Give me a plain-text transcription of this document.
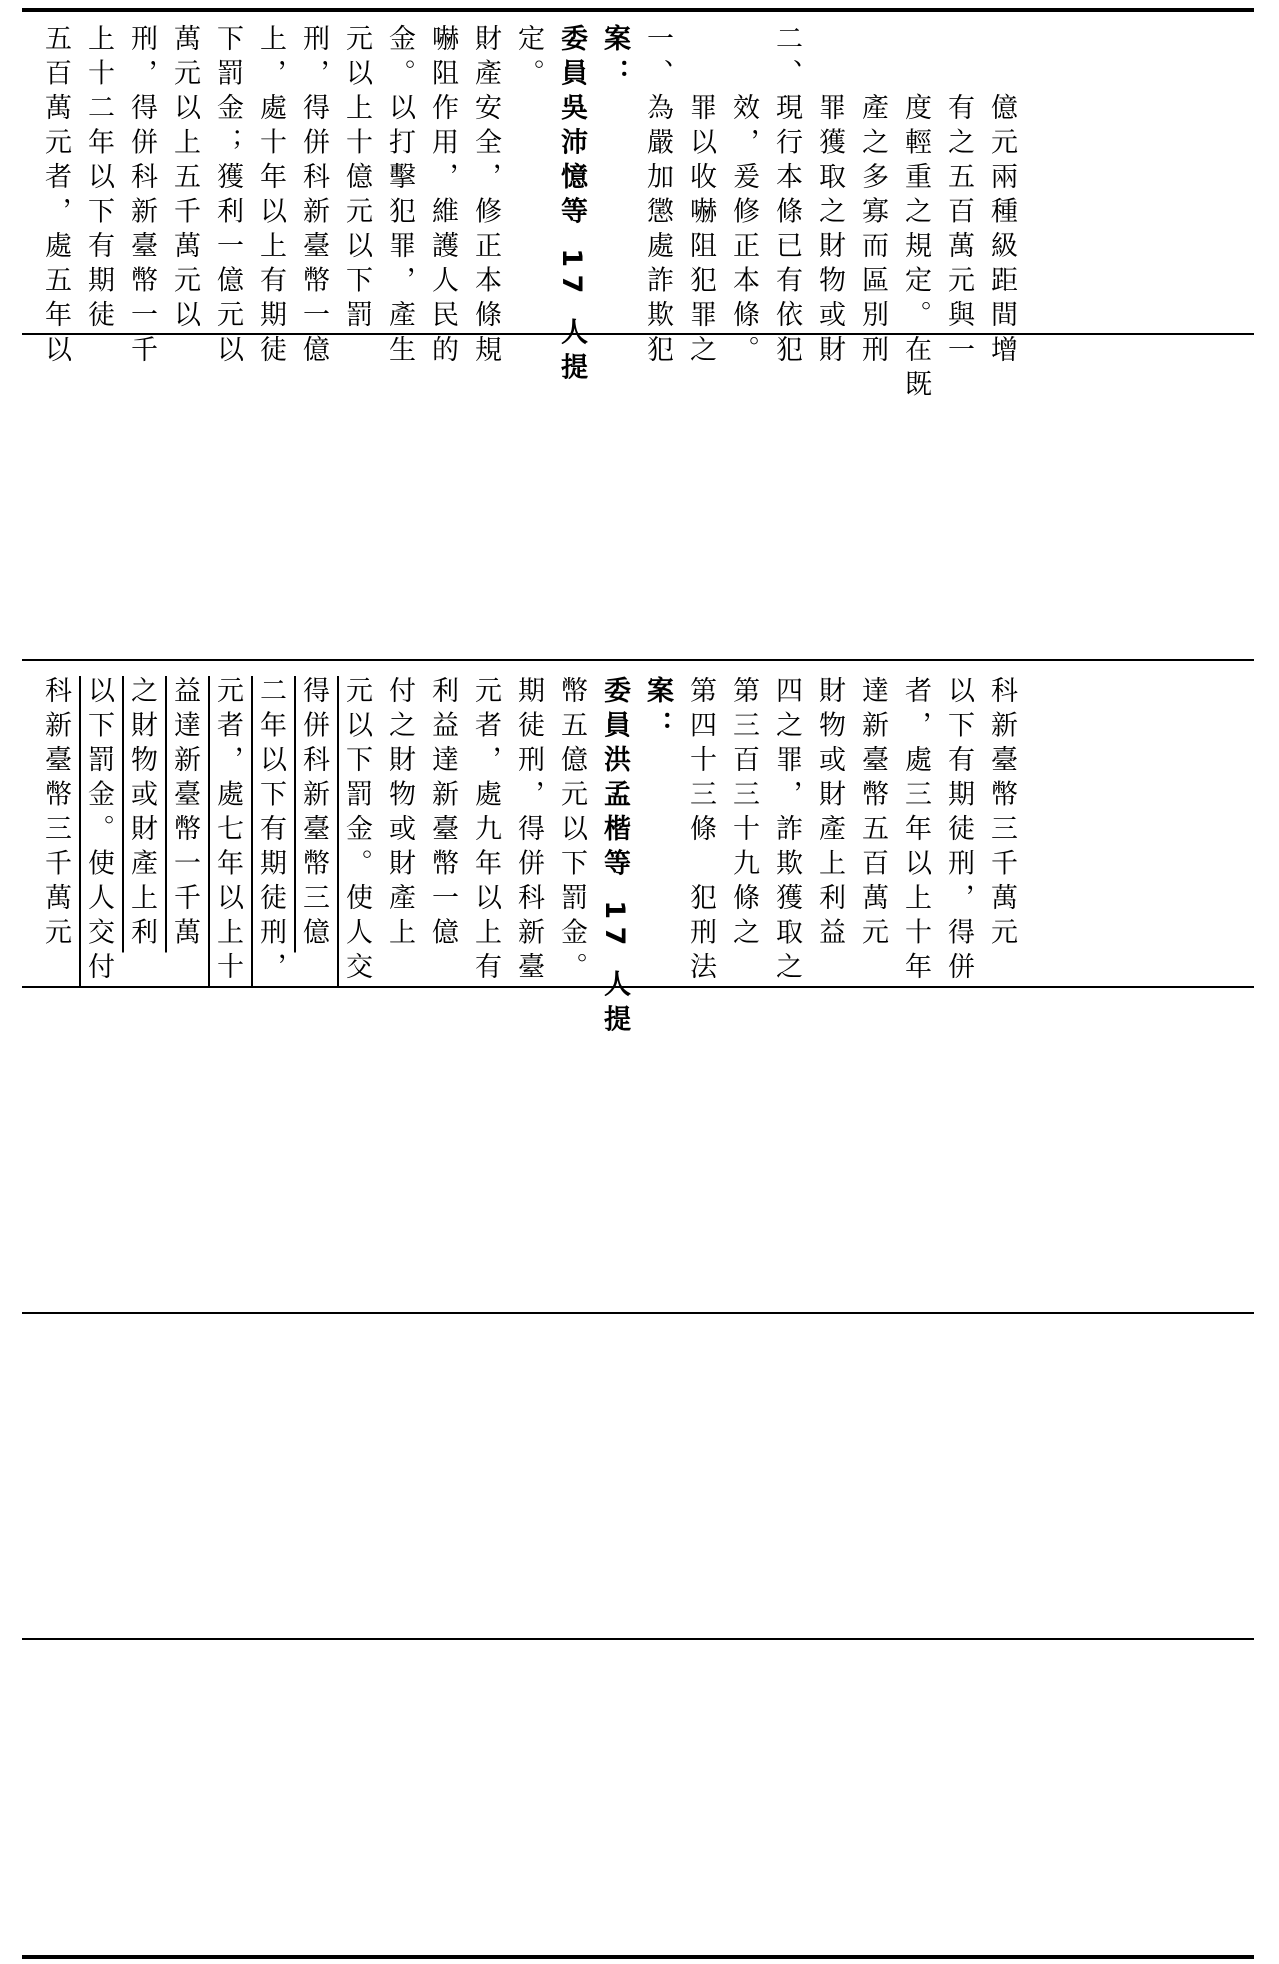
五百萬元者，處五年以 上十二年以下有期徒 刑，得併科新臺幣一千 萬元以上五千萬元以 下罰金；獲利一億元以 上，處十年以上有期徒 刑，得併科新臺幣一億 元以上十億元以下罰 金。以打擊犯罪，產生 嚇阻作用，維護人民的 財產安全，修正本條規 定。 委員吳沛憶等 17 人提 案： 一、為嚴加懲處詐欺犯 　　罪以收嚇阻犯罪之 　　效，爰修正本條。 二、現行本條已有依犯 　　罪獲取之財物或財 　　產之多寡而區別刑 　　度輕重之規定。在既 　　有之五百萬元與一 　　億元兩種級距間增
科新臺幣三千萬元 以下罰金。使人交付 之財物或財產上利 益達新臺幣一千萬 元者，處七年以上十 二年以下有期徒刑， 得併科新臺幣三億 元以下罰金。使人交 付之財物或財產上 利益達新臺幣一億 元者，處九年以上有 期徒刑，得併科新臺 幣五億元以下罰金。 委員洪孟楷等 17 人提 案： 第四十三條　犯刑法 第三百三十九條之 四之罪，詐欺獲取之 財物或財產上利益 達新臺幣五百萬元 者，處三年以上十年 以下有期徒刑，得併 科新臺幣三千萬元
